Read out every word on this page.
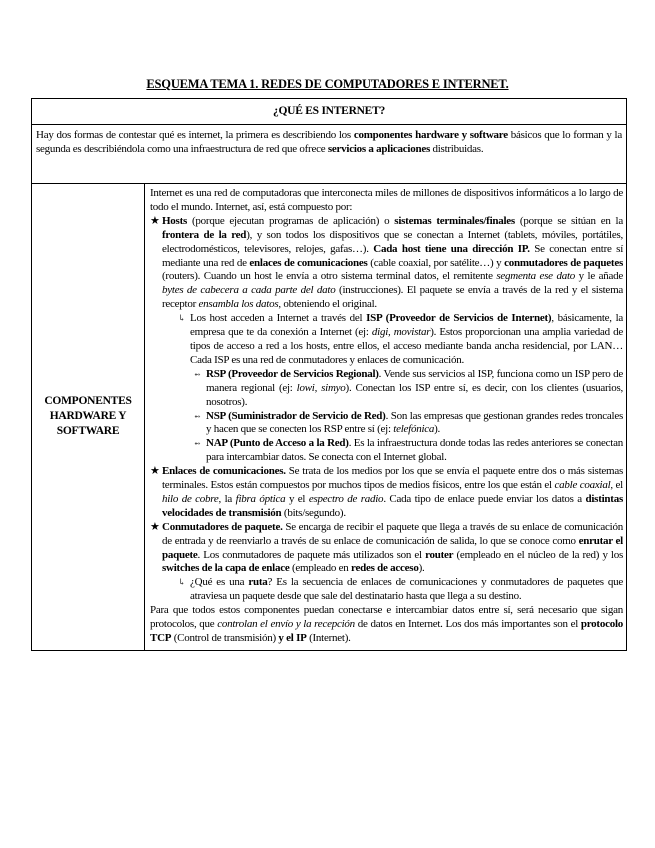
ESQUEMA TEMA 1. REDES DE COMPUTADORES E INTERNET.
¿QUÉ ES INTERNET?
Hay dos formas de contestar qué es internet, la primera es describiendo los componentes hardware y software básicos que lo forman y la segunda es describiéndola como una infraestructura de red que ofrece servicios a aplicaciones distribuidas.
COMPONENTES HARDWARE Y SOFTWARE	

Internet es una red de computadoras que interconecta miles de millones de dispositivos informáticos a lo largo de todo el mundo. Internet, así, está compuesto por:

★ Hosts (porque ejecutan programas de aplicación) o sistemas terminales/finales (porque se sitúan en la frontera de la red), y son todos los dispositivos que se conectan a Internet (tablets, móviles, portátiles, electrodomésticos, televisores, relojes, gafas…). Cada host tiene una dirección IP. Se conectan entre sí mediante una red de enlaces de comunicaciones (cable coaxial, por satélite…) y conmutadores de paquetes (routers). Cuando un host le envía a otro sistema terminal datos, el remitente segmenta ese dato y le añade bytes de cabecera a cada parte del dato (instrucciones). El paquete se envía a través de la red y el sistema receptor ensambla los datos, obteniendo el original.

↳ Los host acceden a Internet a través del ISP (Proveedor de Servicios de Internet), básicamente, la empresa que te da conexión a Internet (ej: digi, movistar). Estos proporcionan una amplia variedad de tipos de acceso a red a los hosts, entre ellos, el acceso mediante banda ancha residencial, por LAN… Cada ISP es una red de conmutadores y enlaces de comunicación.

➻ RSP (Proveedor de Servicios Regional). Vende sus servicios al ISP, funciona como un ISP pero de manera regional (ej: lowi, simyo). Conectan los ISP entre sí, es decir, con los clientes (usuarios, nosotros).

➻ NSP (Suministrador de Servicio de Red). Son las empresas que gestionan grandes redes troncales y hacen que se conecten los RSP entre sí (ej: telefónica).

➻ NAP (Punto de Acceso a la Red). Es la infraestructura donde todas las redes anteriores se conectan para intercambiar datos. Se conecta con el Internet global.

★ Enlaces de comunicaciones. Se trata de los medios por los que se envía el paquete entre dos o más sistemas terminales. Estos están compuestos por muchos tipos de medios físicos, entre los que están el cable coaxial, el hilo de cobre, la fibra óptica y el espectro de radio. Cada tipo de enlace puede enviar los datos a distintas velocidades de transmisión (bits/segundo).

★ Conmutadores de paquete. Se encarga de recibir el paquete que llega a través de su enlace de comunicación de entrada y de reenviarlo a través de su enlace de comunicación de salida, lo que se conoce como enrutar el paquete. Los conmutadores de paquete más utilizados son el router (empleado en el núcleo de la red) y los switches de la capa de enlace (empleado en redes de acceso).

↳ ¿Qué es una ruta? Es la secuencia de enlaces de comunicaciones y conmutadores de paquetes que atraviesa un paquete desde que sale del destinatario hasta que llega a su destino.

Para que todos estos componentes puedan conectarse e intercambiar datos entre sí, será necesario que sigan protocolos, que controlan el envío y la recepción de datos en Internet. Los dos más importantes son el protocolo TCP (Control de transmisión) y el IP (Internet).
